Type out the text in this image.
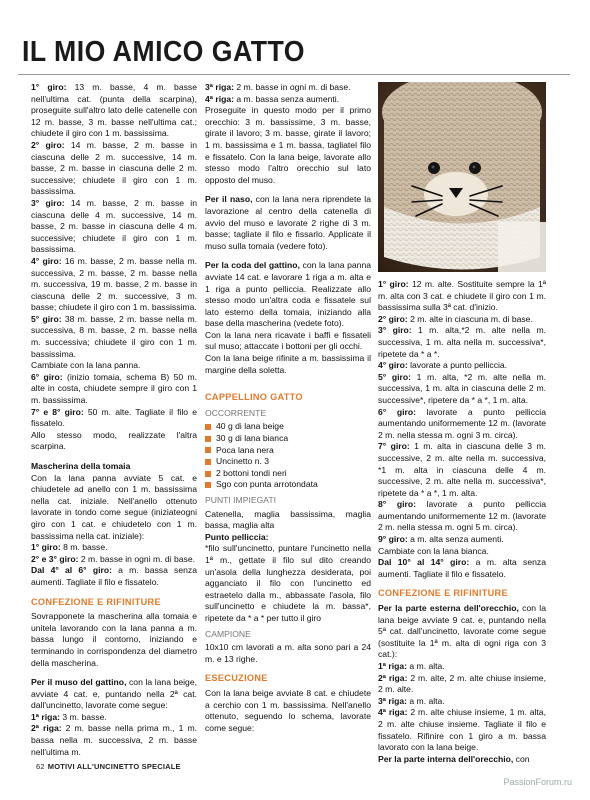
IL MIO AMICO GATTO

1° giro: 13 m. basse, 4 m. basse nell'ultima cat. (punta della scarpina), proseguite sull'altro lato delle catenelle con 12 m. basse, 3 m. basse nell'ultima cat.; chiudete il giro con 1 m. bassissima.

2° giro: 14 m. basse, 2 m. basse in ciascuna delle 2 m. successive, 14 m. basse, 2 m. basse in ciascuna delle 2 m. successive; chiudete il giro con 1 m. bassissima.

3° giro: 14 m. basse, 2 m. basse in ciascuna delle 4 m. successive, 14 m. basse, 2 m. basse in ciascuna delle 4 m. successive; chiudete il giro con 1 m. bassissima.

4° giro: 16 m. basse, 2 m. basse nella m. successiva, 2 m. basse, 2 m. basse nella m. successiva, 19 m. basse, 2 m. basse in ciascuna delle 2 m. successive, 3 m. basse; chiudete il giro con 1 m. bassissima.

5° giro: 38 m. basse, 2 m. basse nella m. successiva, 8 m. basse, 2 m. basse nella m. successiva; chiudete il giro con 1 m. bassissima.

Cambiate con la lana panna.

6° giro: (inizio tomaia, schema B) 50 m. alte in costa, chiudete sempre il giro con 1 m. bassissima.

7° e 8° giro: 50 m. alte. Tagliate il filo e fissatelo.

Allo stesso modo, realizzate l'altra scarpina.

Mascherina della tomaia

Con la lana panna avviate 5 cat. e chiudetele ad anello con 1 m. bassissima nella cat. iniziale. Nell'anello ottenuto lavorate in tondo come segue (iniziateogni giro con 1 cat. e chiudetelo con 1 m. bassissima nella cat. iniziale):

1° giro: 8 m. basse.

2° e 3° giro: 2 m. basse in ogni m. di base.

Dal 4° al 6° giro: a m. bassa senza aumenti. Tagliate il filo e fissatelo.

CONFEZIONE E RIFINITURE

Sovrapponete la mascherina alla tomaia e unitela lavorando con la lana panna a m. bassa lungo il contorno, iniziando e terminando in corrispondenza del diametro della mascherina.

Per il muso del gattino, con la lana beige, avviate 4 cat. e, puntando nella 2ª cat. dall'uncinetto, lavorate come segue:

1ª riga: 3 m. basse.

2ª riga: 2 m. basse nella prima m., 1 m. bassa nella m. successiva, 2 m. basse nell'ultima m.

3ª riga: 2 m. basse in ogni m. di base.

4ª riga: a m. bassa senza aumenti.

Proseguite in questo modo per il primo orecchio: 3 m. bassissime, 3 m. basse, girate il lavoro; 3 m. basse, girate il lavoro; 1 m. bassissima e 1 m. bassa, tagliatel filo e fissatelo. Con la lana beige, lavorate allo stesso modo l'altro orecchio sul lato opposto del muso.

Per il naso, con la lana nera riprendete la lavorazione al centro della catenella di avvio del muso e lavorate 2 righe di 3 m. basse; tagliate il filo e fissarlo. Applicate il muso sulla tomaia (vedere foto).

Per la coda del gattino, con la lana panna avviate 14 cat. e lavorare 1 riga a m. alta e 1 riga a punto pelliccia. Realizzate allo stesso modo un'altra coda e fissatele sul lato esterno della tomaia, iniziando alla base della mascherina (vedete foto).

Con la lana nera ricavate i baffi e fissateli sul muso; attaccate i bottoni per gli occhi.

Con la lana beige rifinite a m. bassissima il margine della soletta.

CAPPELLINO GATTO
OCCORRENTE
40 g di lana beige
30 g di lana bianca
Poca lana nera
Uncinetto n. 3
2 bottoni tondi neri
Sgo con punta arrotondata
PUNTI IMPIEGATI

Catenella, maglia bassissima, maglia bassa, maglia alta

Punto pelliccia:

*filo sull'uncinetto, puntare l'uncinetto nella 1ª m., gettate il filo sul dito creando un'asola della lunghezza desiderata, poi agganciato il filo con l'uncinetto ed estraetelo dalla m., abbassate l'asola, filo sull'uncinetto e chiudete la m. bassa*, ripetete da * a * per tutto il giro

CAMPIONE

10x10 cm lavorati a m. alta sono pari a 24 m. e 13 righe.

ESECUZIONE

Con la lana beige avviate 8 cat. e chiudete a cerchio con 1 m. bassissima. Nell'anello ottenuto, seguendo lo schema, lavorate come segue:

1° giro: 12 m. alte. Sostituite sempre la 1ª m. alta con 3 cat. e chiudete il giro con 1 m. bassissima sulla 3ª cat. d'inizio.

2° giro: 2 m. alte in ciascuna m. di base.

3° giro: 1 m. alta,*2 m. alte nella m. successiva, 1 m. alta nella m. successiva*, ripetete da * a *.

4° giro: lavorate a punto pelliccia.

5° giro: 1 m. alta, *2 m. alte nella m. successiva, 1 m. alta in ciascuna delle 2 m. successive*, ripetere da * a *, 1 m. alta.

6° giro: lavorate a punto pelliccia aumentando uniformemente 12 m. (lavorate 2 m. nella stessa m. ogni 3 m. circa).

7° giro: 1 m. alta in ciascuna delle 3 m. successive, 2 m. alte nella m. successiva, *1 m. alta in ciascuna delle 4 m. successive, 2 m. alte nella m. successiva*, ripetete da * a *, 1 m. alta.

8° giro: lavorate a punto pelliccia aumentando uniformemente 12 m. (lavorate 2 m. nella stessa m. ogni 5 m. circa).

9° giro: a m. alta senza aumenti.

Cambiate con la lana bianca.

Dal 10° al 14° giro: a m. alta senza aumenti. Tagliate il filo e fissatelo.

CONFEZIONE E RIFINITURE

Per la parte esterna dell'orecchio, con la lana beige avviate 9 cat. e, puntando nella 5ª cat. dall'uncinetto, lavorate come segue (sostituite la 1ª m. alta di ogni riga con 3 cat.):

1ª riga: a m. alta.

2ª riga: 2 m. alte, 2 m. alte chiuse insieme, 2 m. alte.

3ª riga: a m. alta.

4ª riga: 2 m. alte chiuse insieme, 1 m. alta, 2 m. alte chiuse insieme. Tagliate il filo e fissatelo. Rifinire con 1 giro a m. bassa lavorato con la lana beige.

Per la parte interna dell'orecchio, con

62 MOTIVI ALL'UNCINETTO SPECIALE
PassionForum.ru
